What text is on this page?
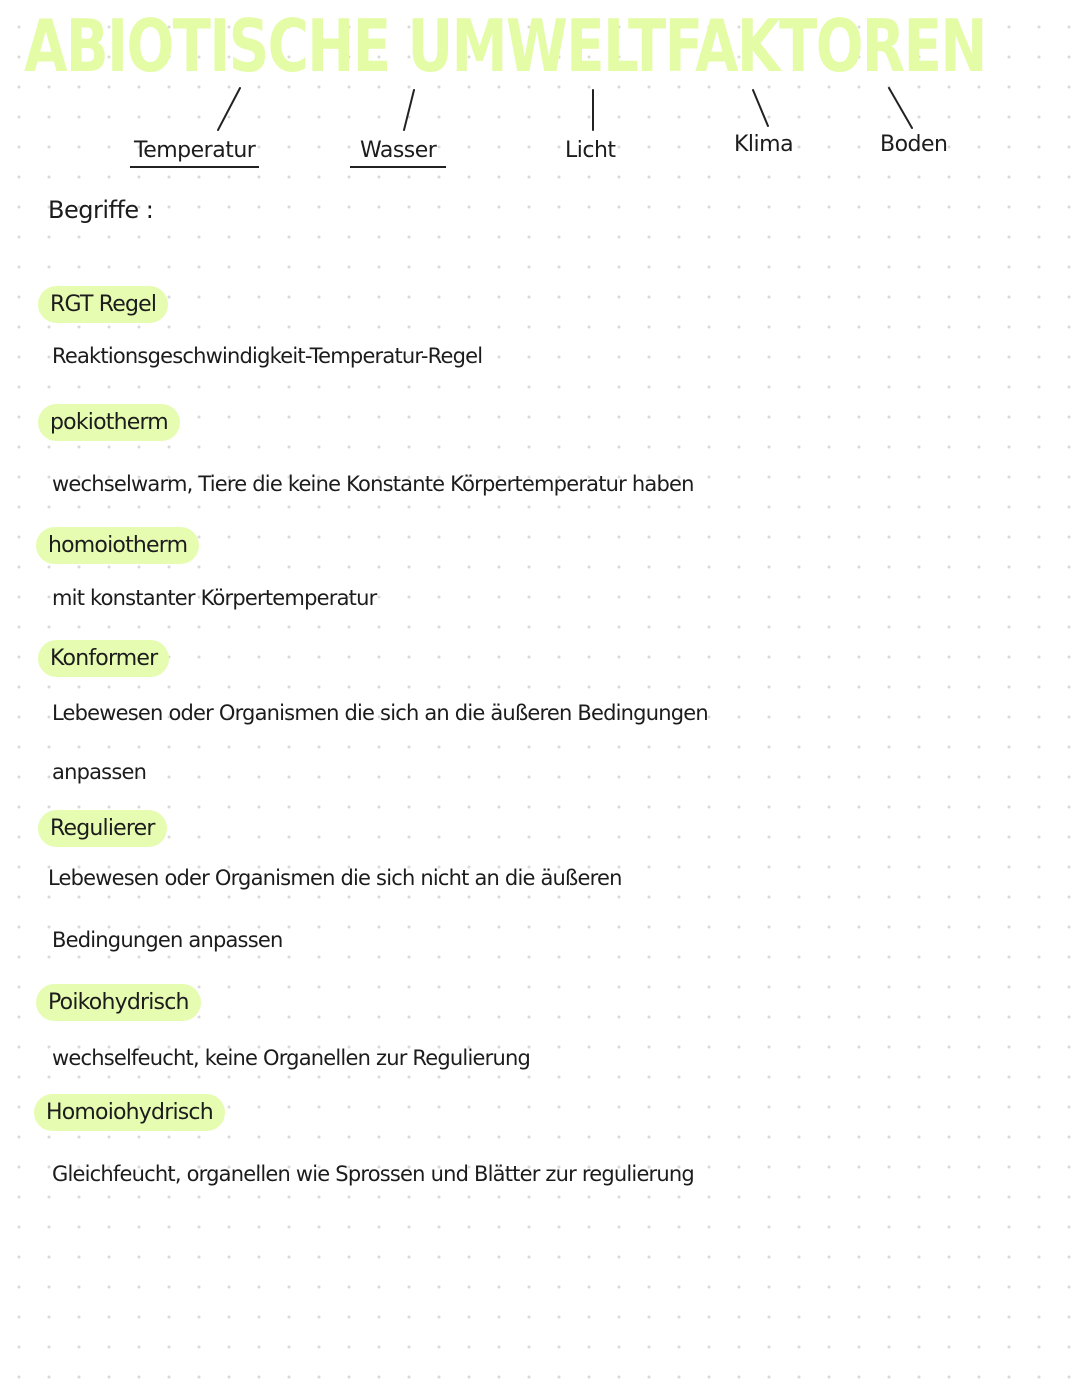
ABIOTISCHE UMWELTFAKTOREN
Temperatur	Wasser	Licht	Klima	Boden
Begriffe :
RGT Regel
Reaktionsgeschwindigkeit-Temperatur-Regel
pokiotherm
wechselwarm, Tiere die keine Konstante Körpertemperatur haben
homoiotherm
mit konstanter Körpertemperatur
Konformer
Lebewesen oder Organismen die sich an die äußeren Bedingungen
anpassen
Regulierer
Lebewesen oder Organismen die sich nicht an die äußeren
Bedingungen anpassen
Poikohydrisch
wechselfeucht, keine Organellen zur Regulierung
Homoiohydrisch
Gleichfeucht, organellen wie Sprossen und Blätter zur regulierung
